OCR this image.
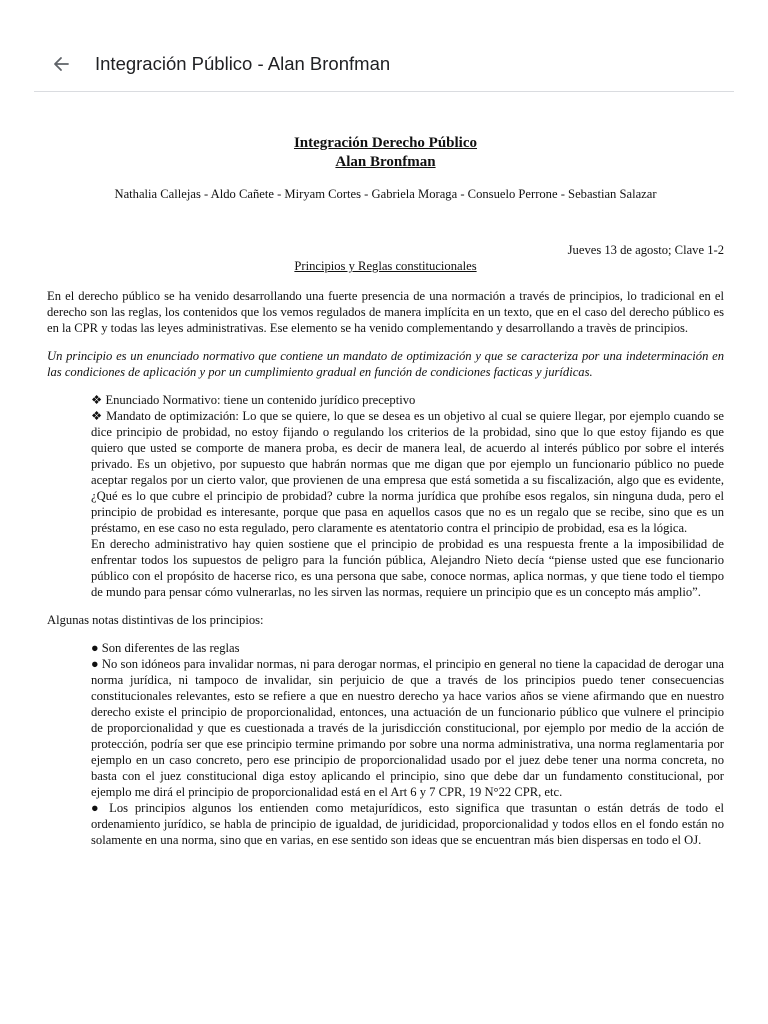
Integración Público - Alan Bronfman
Integración Derecho Público
Alan Bronfman
Nathalia Callejas - Aldo Cañete - Miryam Cortes - Gabriela Moraga - Consuelo Perrone - Sebastian Salazar
Jueves 13 de agosto; Clave 1-2
Principios y Reglas constitucionales

En el derecho público se ha venido desarrollando una fuerte presencia de una normación a través de principios, lo tradicional en el derecho son las reglas, los contenidos que los vemos regulados de manera implícita en un texto, que en el caso del derecho público es en la CPR y todas las leyes administrativas. Ese elemento se ha venido complementando y desarrollando a travès de principios.

Un principio es un enunciado normativo que contiene un mandato de optimización y que se caracteriza por una indeterminación en las condiciones de aplicación y por un cumplimiento gradual en función de condiciones facticas y jurídicas.

❖ Enunciado Normativo: tiene un contenido jurídico preceptivo
❖ Mandato de optimización: Lo que se quiere, lo que se desea es un objetivo al cual se quiere llegar, por ejemplo cuando se dice principio de probidad, no estoy fijando o regulando los criterios de la probidad, sino que lo que estoy fijando es que quiero que usted se comporte de manera proba, es decir de manera leal, de acuerdo al interés público por sobre el interés privado. Es un objetivo, por supuesto que habrán normas que me digan que por ejemplo un funcionario público no puede aceptar regalos por un cierto valor, que provienen de una empresa que está sometida a su fiscalización, algo que es evidente, ¿Qué es lo que cubre el principio de probidad? cubre la norma jurídica que prohíbe esos regalos, sin ninguna duda, pero el principio de probidad es interesante, porque que pasa en aquellos casos que no es un regalo que se recibe, sino que es un préstamo, en ese caso no esta regulado, pero claramente es atentatorio contra el principio de probidad, esa es la lógica.
En derecho administrativo hay quien sostiene que el principio de probidad es una respuesta frente a la imposibilidad de enfrentar todos los supuestos de peligro para la función pública, Alejandro Nieto decía “piense usted que ese funcionario público con el propósito de hacerse rico, es una persona que sabe, conoce normas, aplica normas, y que tiene todo el tiempo de mundo para pensar cómo vulnerarlas, no les sirven las normas, requiere un principio que es un concepto más amplio”.

Algunas notas distintivas de los principios:

● Son diferentes de las reglas
● No son idóneos para invalidar normas, ni para derogar normas, el principio en general no tiene la capacidad de derogar una norma jurídica, ni tampoco de invalidar, sin perjuicio de que a través de los principios puedo tener consecuencias constitucionales relevantes, esto se refiere a que en nuestro derecho ya hace varios años se viene afirmando que en nuestro derecho existe el principio de proporcionalidad, entonces, una actuación de un funcionario público que vulnere el principio de proporcionalidad y que es cuestionada a través de la jurisdicción constitucional, por ejemplo por medio de la acción de protección, podría ser que ese principio termine primando por sobre una norma administrativa, una norma reglamentaria por ejemplo en un caso concreto, pero ese principio de proporcionalidad usado por el juez debe tener una norma concreta, no basta con el juez constitucional diga estoy aplicando el principio, sino que debe dar un fundamento constitucional, por ejemplo me dirá el principio de proporcionalidad está en el Art 6 y 7 CPR, 19 N°22 CPR, etc.
● Los principios algunos los entienden como metajurídicos, esto significa que trasuntan o están detrás de todo el ordenamiento jurídico, se habla de principio de igualdad, de juridicidad, proporcionalidad y todos ellos en el fondo están no solamente en una norma, sino que en varias, en ese sentido son ideas que se encuentran más bien dispersas en todo el OJ.
